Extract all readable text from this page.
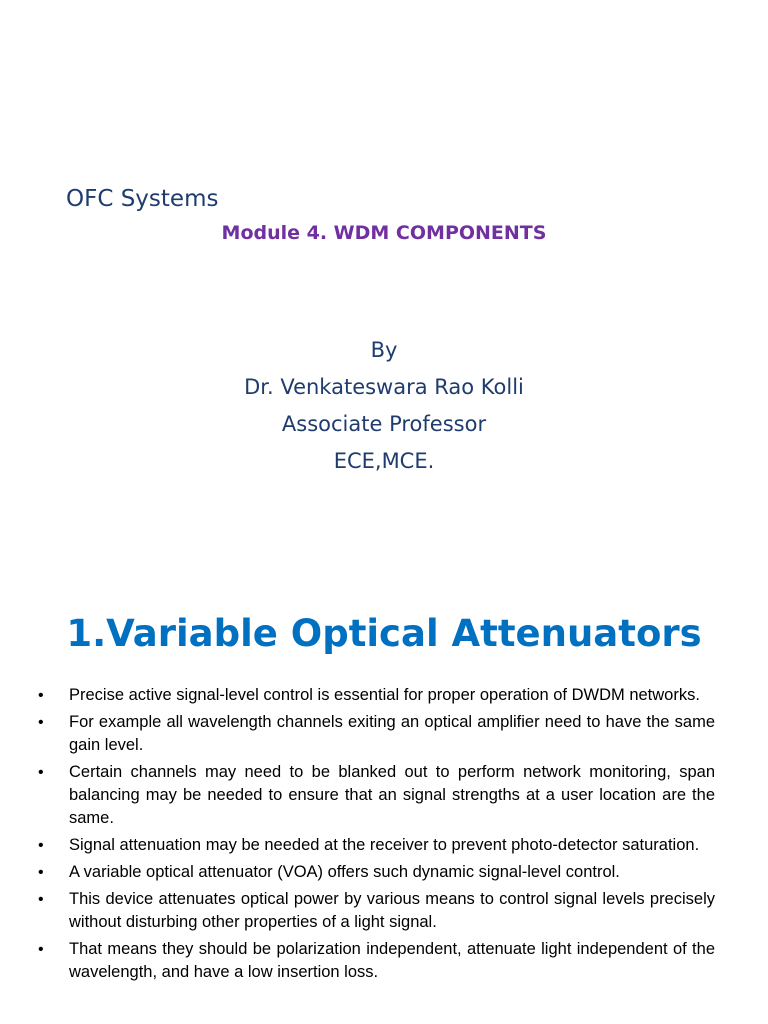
OFC Systems
Module 4. WDM COMPONENTS
By
Dr. Venkateswara Rao Kolli
Associate Professor
ECE,MCE.
1.Variable Optical Attenuators
• Precise active signal-level control is essential for proper operation of DWDM networks.
• For example all wavelength channels exiting an optical amplifier need to have the same gain level.
• Certain channels may need to be blanked out to perform network monitoring, span balancing may be needed to ensure that an signal strengths at a user location are the same.
• Signal attenuation may be needed at the receiver to prevent photo-detector saturation.
• A variable optical attenuator (VOA) offers such dynamic signal-level control.
• This device attenuates optical power by various means to control signal levels precisely without disturbing other properties of a light signal.
• That means they should be polarization independent, attenuate light independent of the wavelength, and have a low insertion loss.
